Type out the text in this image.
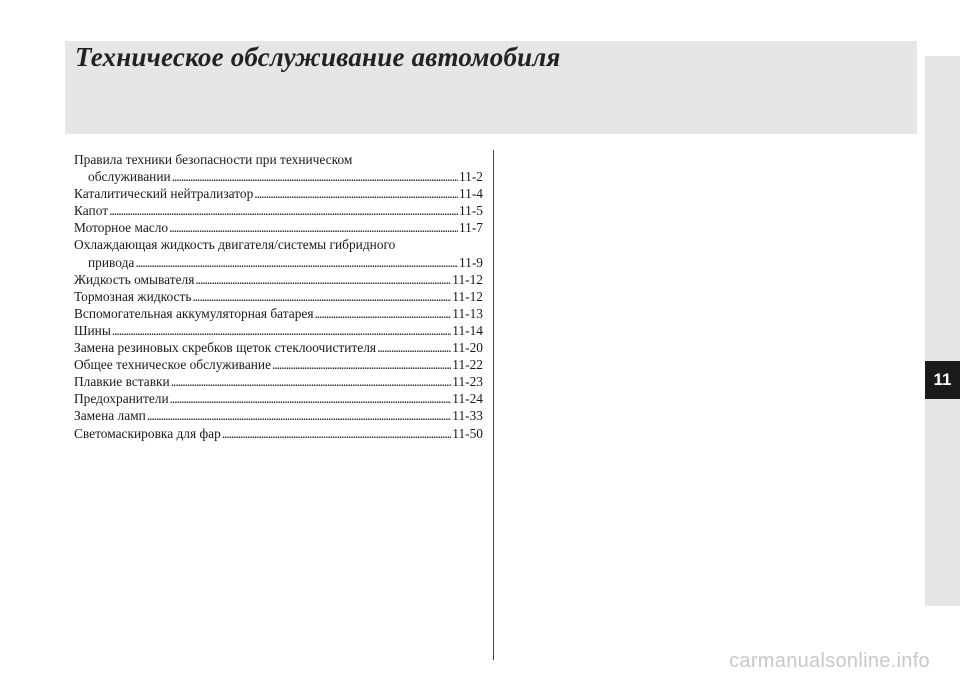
Техническое обслуживание автомобиля
11
Правила техники безопасности при техническом
обслуживании . . .	11-2
Каталитический нейтрализатор . . .	11-4
Капот . . .	11-5
Моторное масло . . .	11-7
Охлаждающая жидкость двигателя/системы гибридного
привода . . .	11-9
Жидкость омывателя . . .	11-12
Тормозная жидкость . . .	11-12
Вспомогательная аккумуляторная батарея . . .	11-13
Шины . . .	11-14
Замена резиновых скребков щеток стеклоочистителя . . .	11-20
Общее техническое обслуживание . . .	11-22
Плавкие вставки . . .	11-23
Предохранители . . .	11-24
Замена ламп . . .	11-33
Светомаскировка для фар . . .	11-50
carmanualsonline.info
